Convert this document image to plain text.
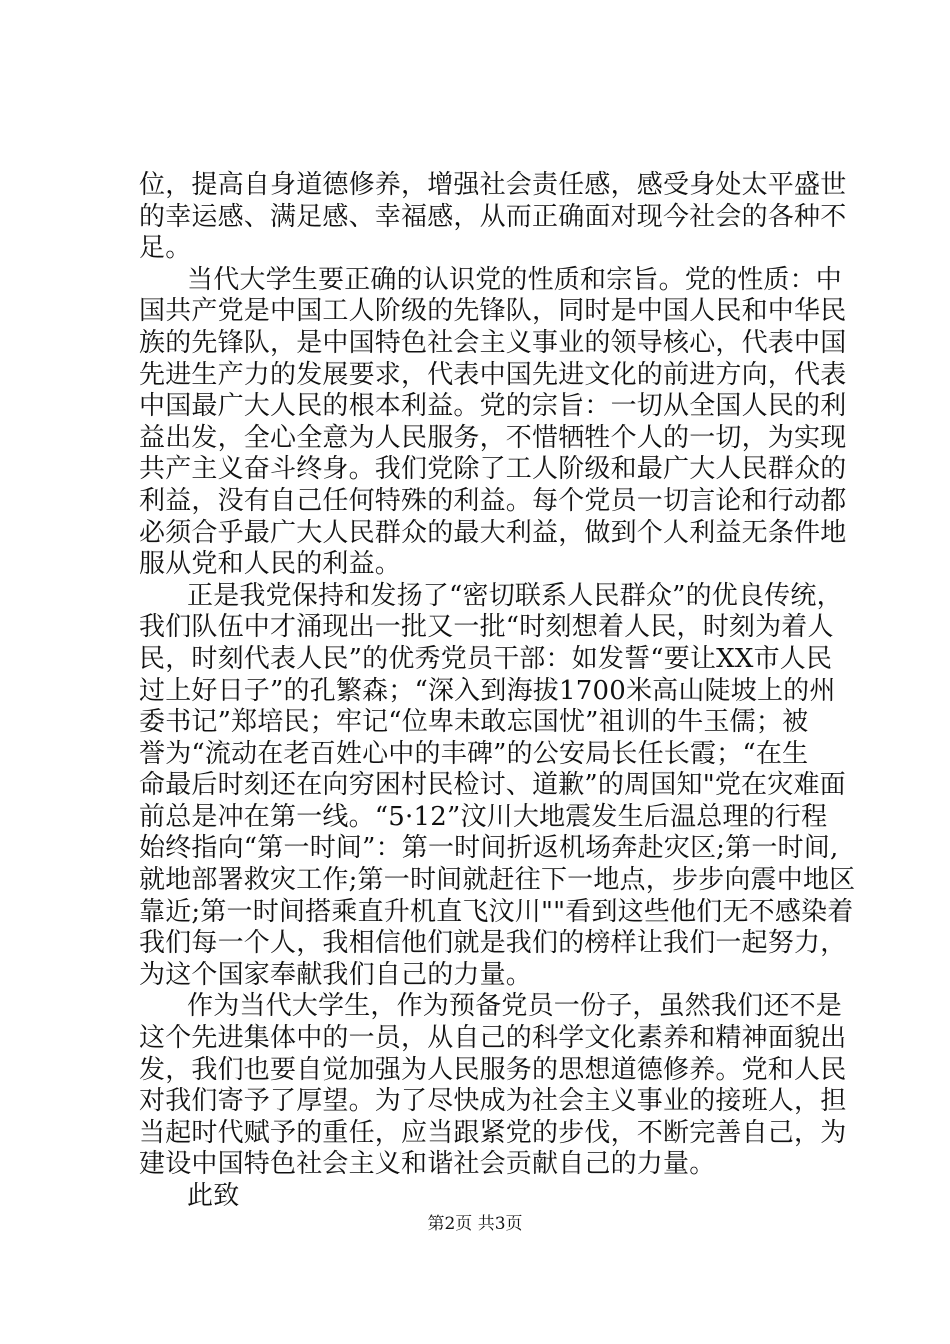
位，提高自身道德修养，增强社会责任感，感受身处太平盛世
的幸运感、满足感、幸福感，从而正确面对现今社会的各种不
足。
当代大学生要正确的认识党的性质和宗旨。党的性质：中
国共产党是中国工人阶级的先锋队，同时是中国人民和中华民
族的先锋队，是中国特色社会主义事业的领导核心，代表中国
先进生产力的发展要求，代表中国先进文化的前进方向，代表
中国最广大人民的根本利益。党的宗旨：一切从全国人民的利
益出发，全心全意为人民服务，不惜牺牲个人的一切，为实现
共产主义奋斗终身。我们党除了工人阶级和最广大人民群众的
利益，没有自己任何特殊的利益。每个党员一切言论和行动都
必须合乎最广大人民群众的最大利益，做到个人利益无条件地
服从党和人民的利益。
正是我党保持和发扬了“密切联系人民群众”的优良传统，
我们队伍中才涌现出一批又一批“时刻想着人民，时刻为着人
民，时刻代表人民”的优秀党员干部：如发誓“要让XX市人民
过上好日子”的孔繁森；“深入到海拔1700米高山陡坡上的州
委书记”郑培民；牢记“位卑未敢忘国忧”祖训的牛玉儒；被
誉为“流动在老百姓心中的丰碑”的公安局长任长霞；“在生
命最后时刻还在向穷困村民检讨、道歉”的周国知"党在灾难面
前总是冲在第一线。“5·12”汶川大地震发生后温总理的行程
始终指向“第一时间”：第一时间折返机场奔赴灾区;第一时间,
就地部署救灾工作;第一时间就赶往下一地点，步步向震中地区
靠近;第一时间搭乘直升机直飞汶川""看到这些他们无不感染着
我们每一个人，我相信他们就是我们的榜样让我们一起努力，
为这个国家奉献我们自己的力量。
作为当代大学生，作为预备党员一份子，虽然我们还不是
这个先进集体中的一员，从自己的科学文化素养和精神面貌出
发，我们也要自觉加强为人民服务的思想道德修养。党和人民
对我们寄予了厚望。为了尽快成为社会主义事业的接班人，担
当起时代赋予的重任，应当跟紧党的步伐，不断完善自己，为
建设中国特色社会主义和谐社会贡献自己的力量。
此致
第2页 共3页
